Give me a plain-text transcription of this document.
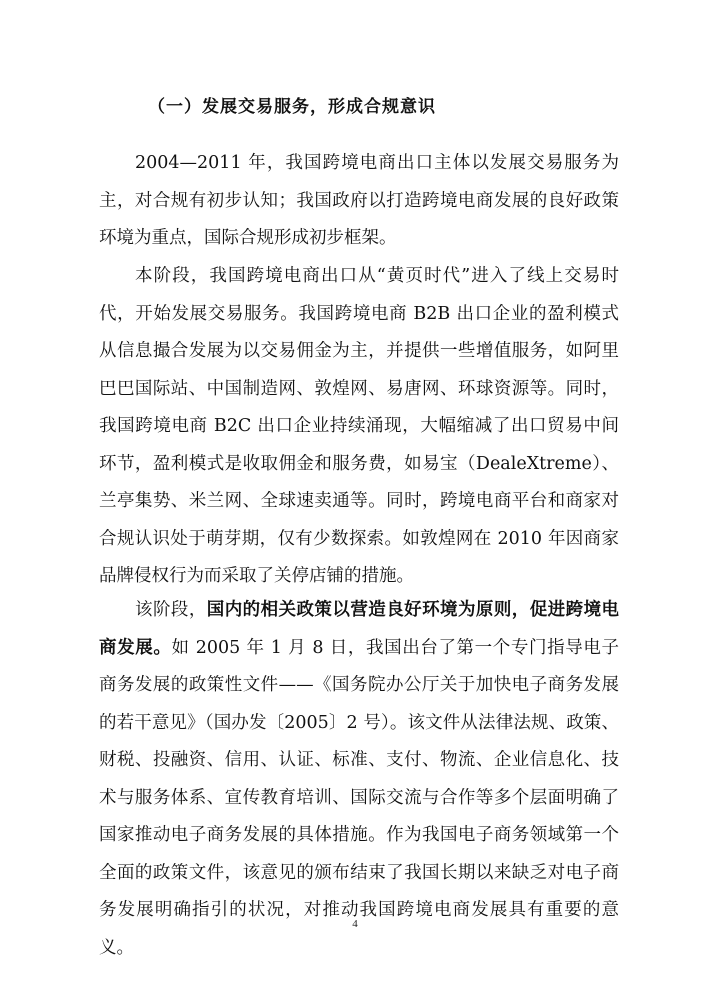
（一）发展交易服务，形成合规意识

2004—2011 年，我国跨境电商出口主体以发展交易服务为主，对合规有初步认知；我国政府以打造跨境电商发展的良好政策环境为重点，国际合规形成初步框架。

本阶段，我国跨境电商出口从“黄页时代”进入了线上交易时代，开始发展交易服务。我国跨境电商 B2B 出口企业的盈利模式从信息撮合发展为以交易佣金为主，并提供一些增值服务，如阿里巴巴国际站、中国制造网、敦煌网、易唐网、环球资源等。同时，我国跨境电商 B2C 出口企业持续涌现，大幅缩减了出口贸易中间环节，盈利模式是收取佣金和服务费，如易宝（DealeXtreme）、兰亭集势、米兰网、全球速卖通等。同时，跨境电商平台和商家对合规认识处于萌芽期，仅有少数探索。如敦煌网在 2010 年因商家品牌侵权行为而采取了关停店铺的措施。

该阶段，国内的相关政策以营造良好环境为原则，促进跨境电商发展。如 2005 年 1 月 8 日，我国出台了第一个专门指导电子商务发展的政策性文件——《国务院办公厅关于加快电子商务发展的若干意见》（国办发〔2005〕2 号）。该文件从法律法规、政策、财税、投融资、信用、认证、标准、支付、物流、企业信息化、技术与服务体系、宣传教育培训、国际交流与合作等多个层面明确了国家推动电子商务发展的具体措施。作为我国电子商务领域第一个全面的政策文件，该意见的颁布结束了我国长期以来缺乏对电子商务发展明确指引的状况，对推动我国跨境电商发展具有重要的意义。

4
